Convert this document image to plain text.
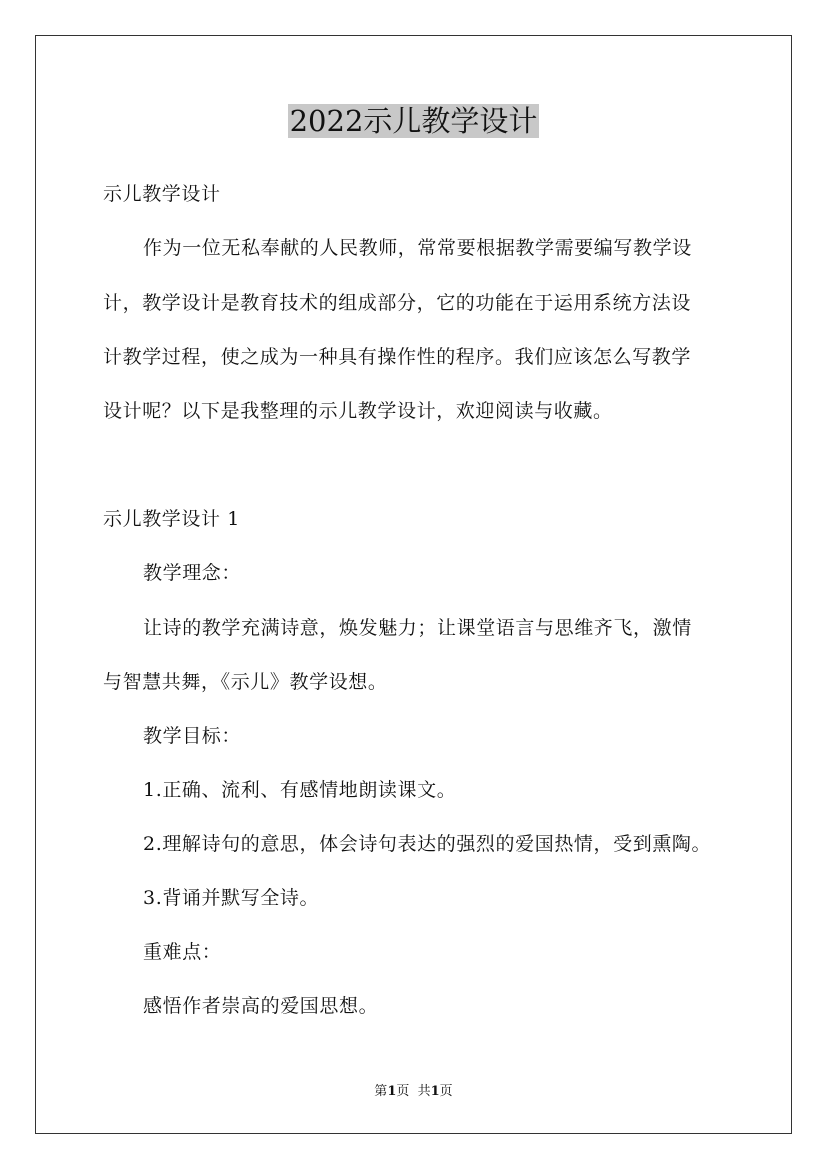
2022示儿教学设计
示儿教学设计
作为一位无私奉献的人民教师，常常要根据教学需要编写教学设
计，教学设计是教育技术的组成部分，它的功能在于运用系统方法设
计教学过程，使之成为一种具有操作性的程序。我们应该怎么写教学
设计呢？以下是我整理的示儿教学设计，欢迎阅读与收藏。
示儿教学设计 1
教学理念：
让诗的教学充满诗意，焕发魅力；让课堂语言与思维齐飞，激情
与智慧共舞，《示儿》教学设想。
教学目标：
1.正确、流利、有感情地朗读课文。
2.理解诗句的意思，体会诗句表达的强烈的爱国热情，受到熏陶。
3.背诵并默写全诗。
重难点：
感悟作者崇高的爱国思想。
第1页  共1页
